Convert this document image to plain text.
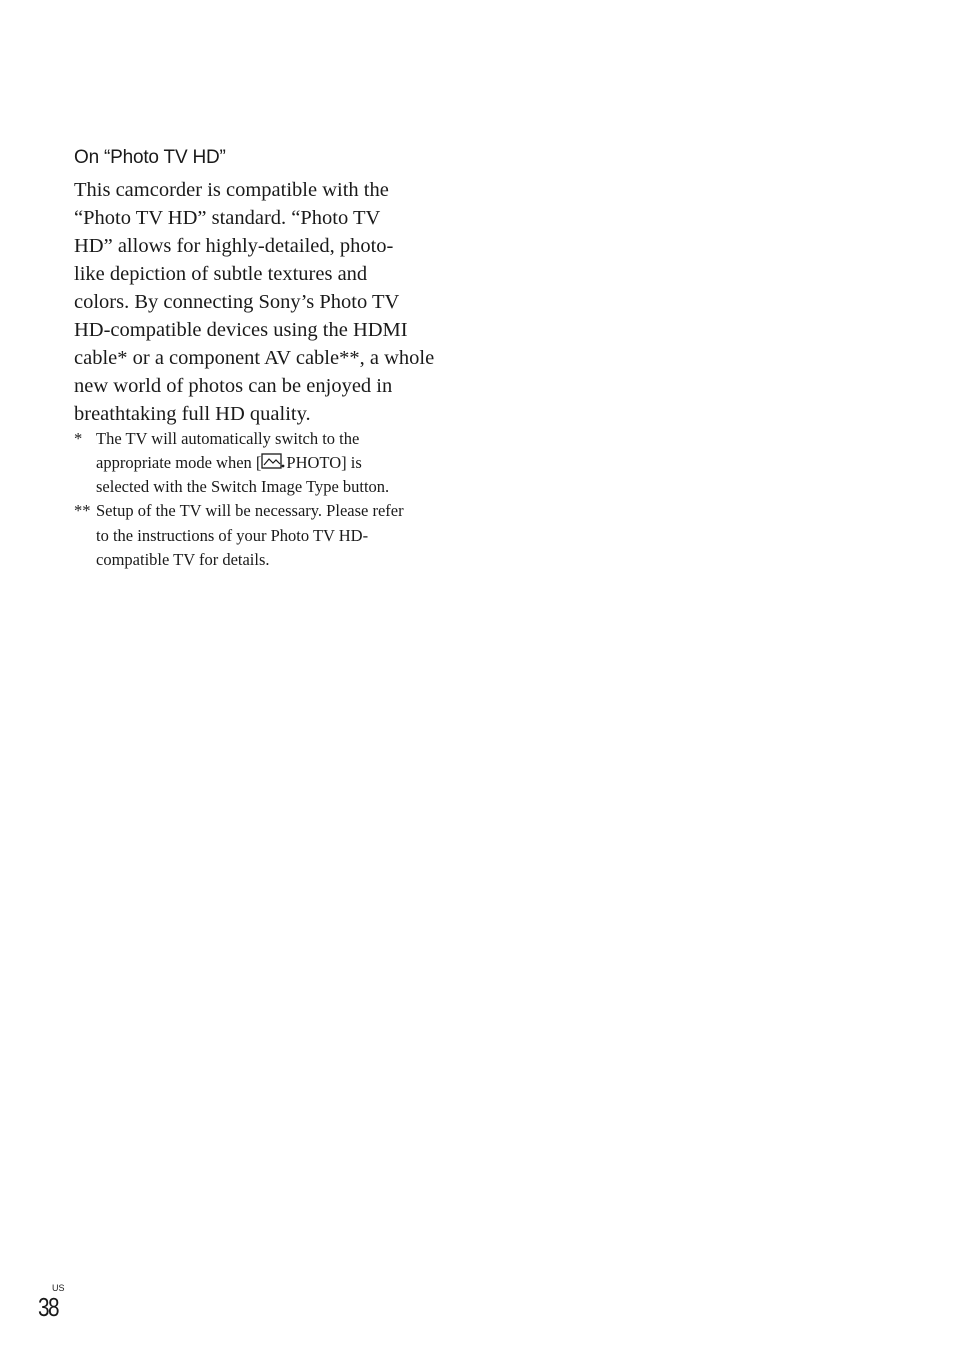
On “Photo TV HD”
This camcorder is compatible with the
“Photo TV HD” standard. “Photo TV
HD” allows for highly-detailed, photo-
like depiction of subtle textures and
colors. By connecting Sony’s Photo TV
HD-compatible devices using the HDMI
cable* or a component AV cable**, a whole
new world of photos can be enjoyed in
breathtaking full HD quality.
* The TV will automatically switch to the
appropriate mode when [ PHOTO] is
selected with the Switch Image Type button.
** Setup of the TV will be necessary. Please refer
to the instructions of your Photo TV HD-
compatible TV for details.
US
38
